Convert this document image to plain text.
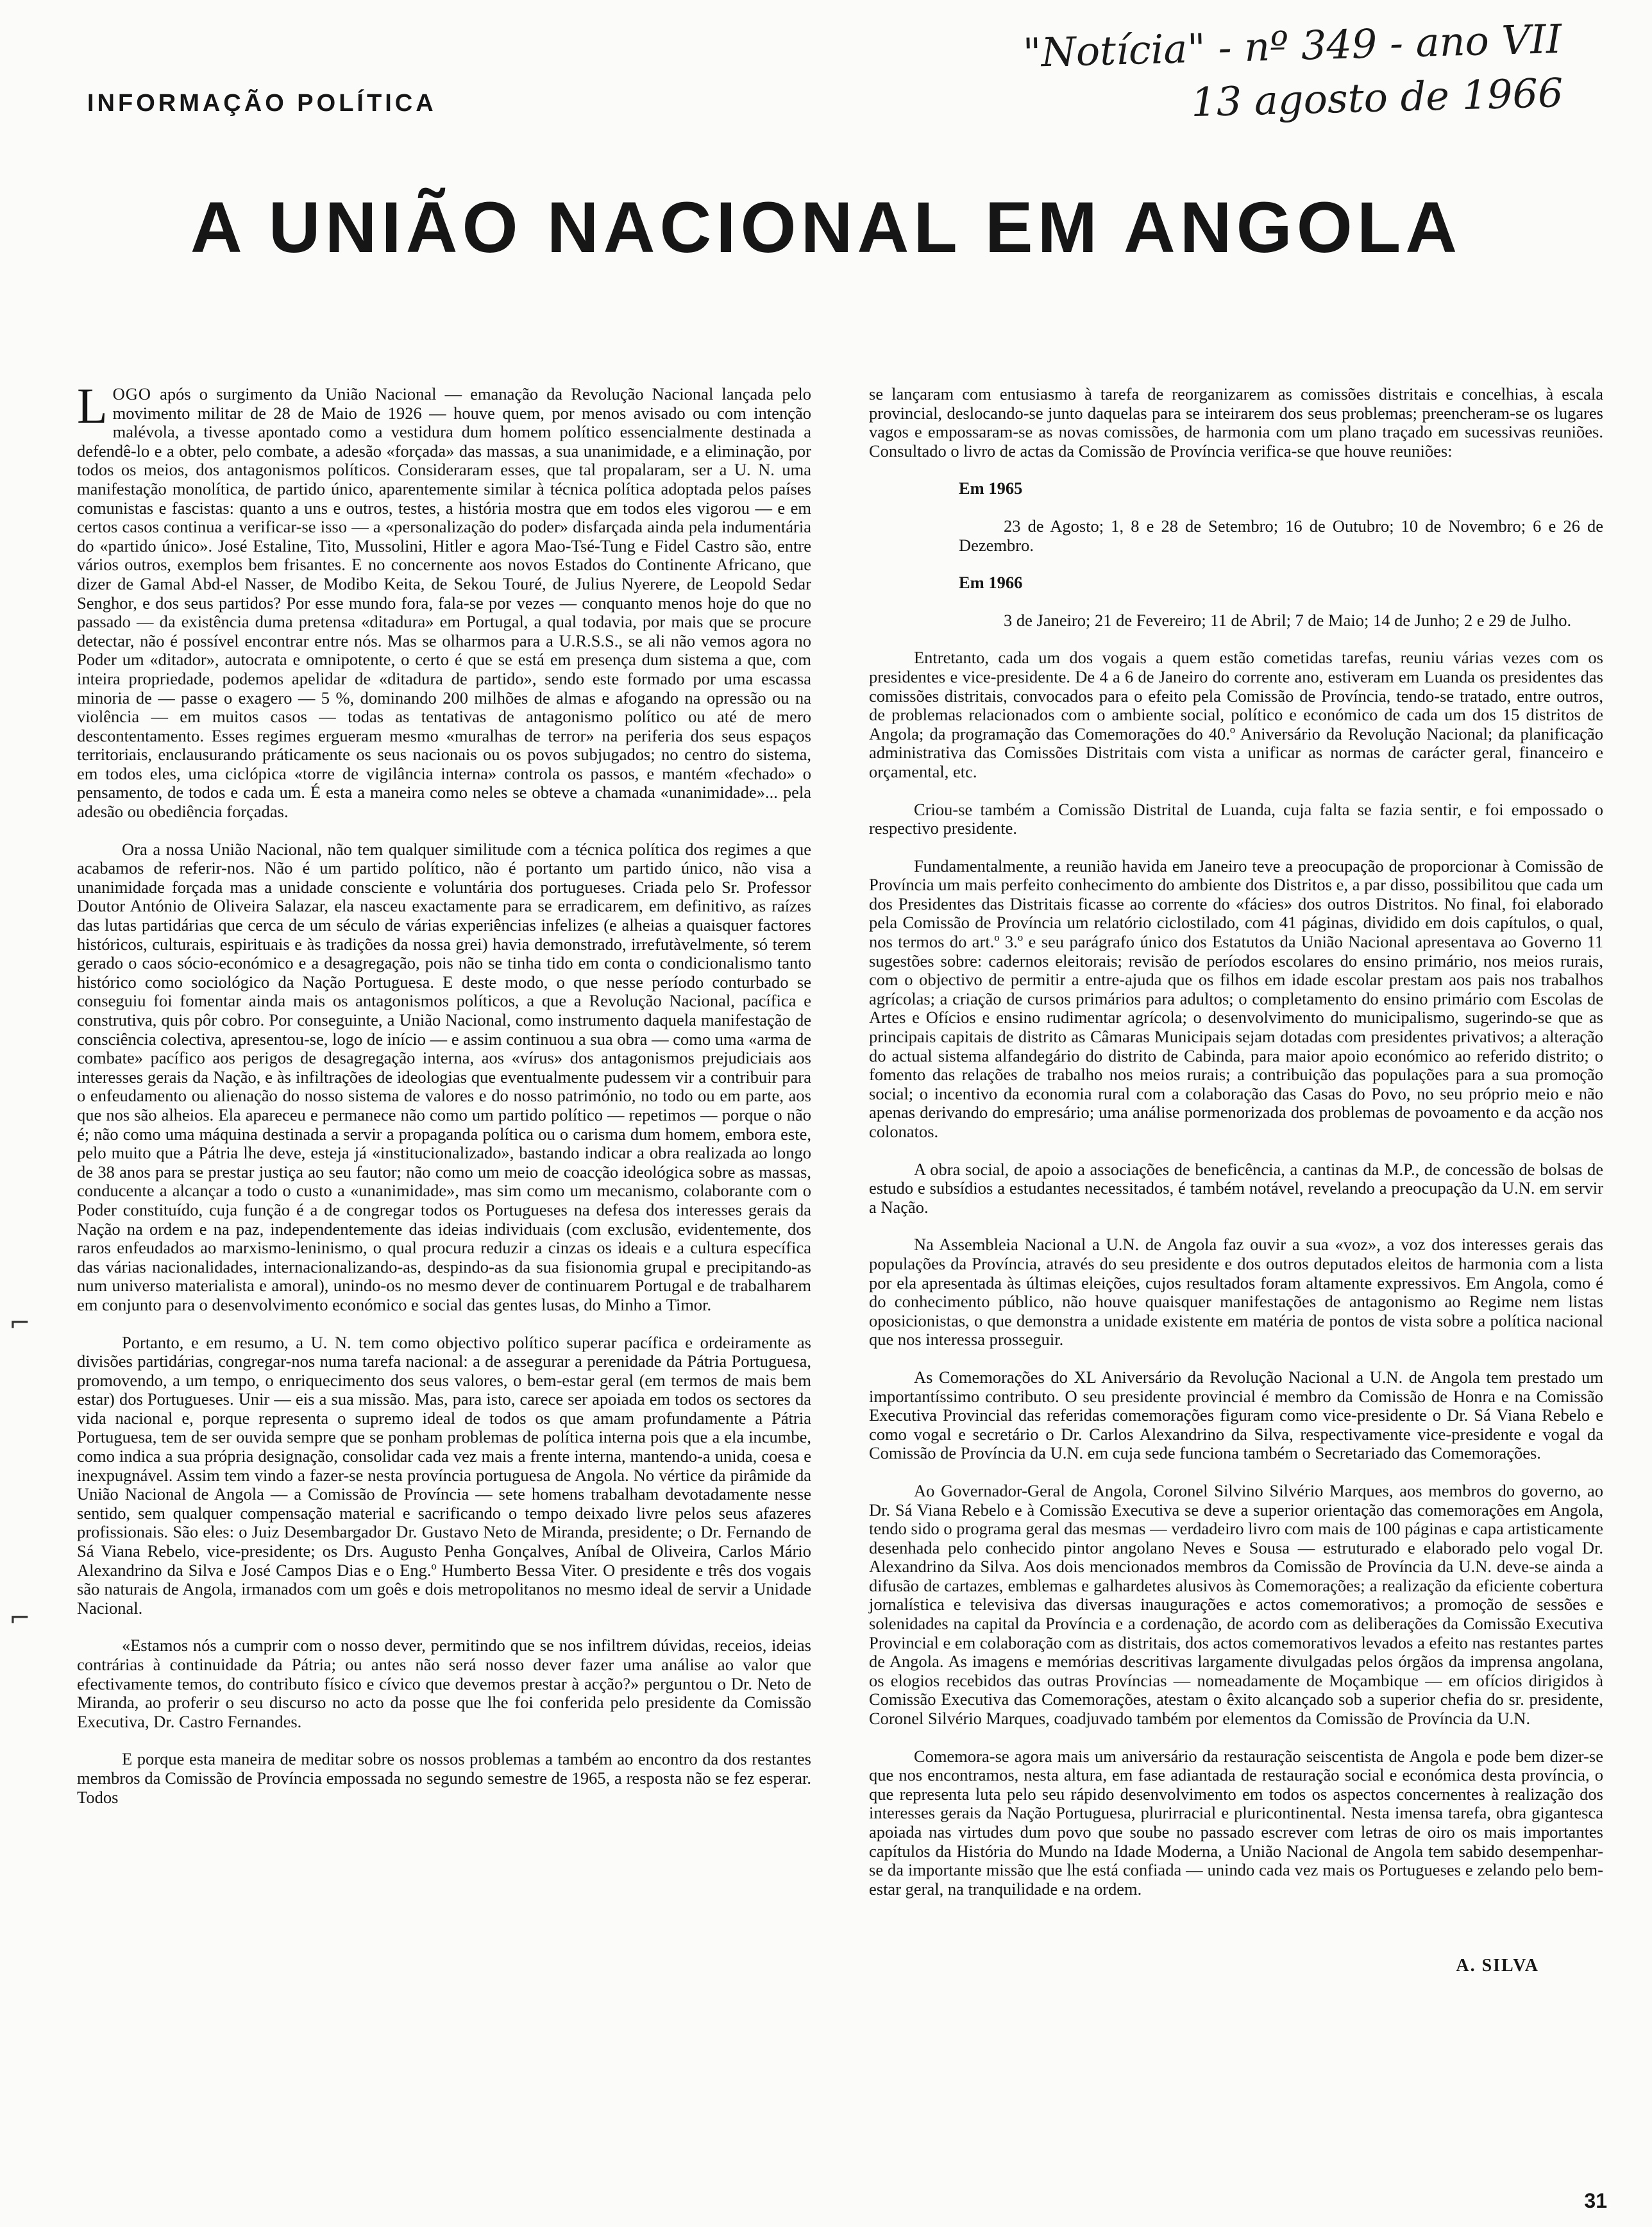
"Notícia" - nº 349 - ano VII
13 agosto de 1966
INFORMAÇÃO POLÍTICA
A UNIÃO NACIONAL EM ANGOLA
⌐
⌐

LOGO após o surgimento da União Nacional — emanação da Revolução Nacional lançada pelo movimento militar de 28 de Maio de 1926 — houve quem, por menos avisado ou com intenção malévola, a tivesse apontado como a vestidura dum homem político essencialmente destinada a defendê-lo e a obter, pelo combate, a adesão «forçada» das massas, a sua unanimidade, e a eliminação, por todos os meios, dos antagonismos políticos. Consideraram esses, que tal propalaram, ser a U. N. uma manifestação monolítica, de partido único, aparentemente similar à técnica política adoptada pelos países comunistas e fascistas: quanto a uns e outros, testes, a história mostra que em todos eles vigorou — e em certos casos continua a verificar-se isso — a «personalização do poder» disfarçada ainda pela indumentária do «partido único». José Estaline, Tito, Mussolini, Hitler e agora Mao-Tsé-Tung e Fidel Castro são, entre vários outros, exemplos bem frisantes. E no concernente aos novos Estados do Continente Africano, que dizer de Gamal Abd-el Nasser, de Modibo Keita, de Sekou Touré, de Julius Nyerere, de Leopold Sedar Senghor, e dos seus partidos? Por esse mundo fora, fala-se por vezes — conquanto menos hoje do que no passado — da existência duma pretensa «ditadura» em Portugal, a qual todavia, por mais que se procure detectar, não é possível encontrar entre nós. Mas se olharmos para a U.R.S.S., se ali não vemos agora no Poder um «ditador», autocrata e omnipotente, o certo é que se está em presença dum sistema a que, com inteira propriedade, podemos apelidar de «ditadura de partido», sendo este formado por uma escassa minoria de — passe o exagero — 5 %, dominando 200 milhões de almas e afogando na opressão ou na violência — em muitos casos — todas as tentativas de antagonismo político ou até de mero descontentamento. Esses regimes ergueram mesmo «muralhas de terror» na periferia dos seus espaços territoriais, enclausurando práticamente os seus nacionais ou os povos subjugados; no centro do sistema, em todos eles, uma ciclópica «torre de vigilância interna» controla os passos, e mantém «fechado» o pensamento, de todos e cada um. É esta a maneira como neles se obteve a chamada «unanimidade»... pela adesão ou obediência forçadas.

Ora a nossa União Nacional, não tem qualquer similitude com a técnica política dos regimes a que acabamos de referir-nos. Não é um partido político, não é portanto um partido único, não visa a unanimidade forçada mas a unidade consciente e voluntária dos portugueses. Criada pelo Sr. Professor Doutor António de Oliveira Salazar, ela nasceu exactamente para se erradicarem, em definitivo, as raízes das lutas partidárias que cerca de um século de várias experiências infelizes (e alheias a quaisquer factores históricos, culturais, espirituais e às tradições da nossa grei) havia demonstrado, irrefutàvelmente, só terem gerado o caos sócio-económico e a desagregação, pois não se tinha tido em conta o condicionalismo tanto histórico como sociológico da Nação Portuguesa. E deste modo, o que nesse período conturbado se conseguiu foi fomentar ainda mais os antagonismos políticos, a que a Revolução Nacional, pacífica e construtiva, quis pôr cobro. Por conseguinte, a União Nacional, como instrumento daquela manifestação de consciência colectiva, apresentou-se, logo de início — e assim continuou a sua obra — como uma «arma de combate» pacífico aos perigos de desagregação interna, aos «vírus» dos antagonismos prejudiciais aos interesses gerais da Nação, e às infiltrações de ideologias que eventualmente pudessem vir a contribuir para o enfeudamento ou alienação do nosso sistema de valores e do nosso património, no todo ou em parte, aos que nos são alheios. Ela apareceu e permanece não como um partido político — repetimos — porque o não é; não como uma máquina destinada a servir a propaganda política ou o carisma dum homem, embora este, pelo muito que a Pátria lhe deve, esteja já «institucionalizado», bastando indicar a obra realizada ao longo de 38 anos para se prestar justiça ao seu fautor; não como um meio de coacção ideológica sobre as massas, conducente a alcançar a todo o custo a «unanimidade», mas sim como um mecanismo, colaborante com o Poder constituído, cuja função é a de congregar todos os Portugueses na defesa dos interesses gerais da Nação na ordem e na paz, independentemente das ideias individuais (com exclusão, evidentemente, dos raros enfeudados ao marxismo-leninismo, o qual procura reduzir a cinzas os ideais e a cultura específica das várias nacionalidades, internacionalizando-as, despindo-as da sua fisionomia grupal e precipitando-as num universo materialista e amoral), unindo-os no mesmo dever de continuarem Portugal e de trabalharem em conjunto para o desenvolvimento económico e social das gentes lusas, do Minho a Timor.

Portanto, e em resumo, a U. N. tem como objectivo político superar pacífica e ordeiramente as divisões partidárias, congregar-nos numa tarefa nacional: a de assegurar a perenidade da Pátria Portuguesa, promovendo, a um tempo, o enriquecimento dos seus valores, o bem-estar geral (em termos de mais bem estar) dos Portugueses. Unir — eis a sua missão. Mas, para isto, carece ser apoiada em todos os sectores da vida nacional e, porque representa o supremo ideal de todos os que amam profundamente a Pátria Portuguesa, tem de ser ouvida sempre que se ponham problemas de política interna pois que a ela incumbe, como indica a sua própria designação, consolidar cada vez mais a frente interna, mantendo-a unida, coesa e inexpugnável. Assim tem vindo a fazer-se nesta província portuguesa de Angola. No vértice da pirâmide da União Nacional de Angola — a Comissão de Província — sete homens trabalham devotadamente nesse sentido, sem qualquer compensação material e sacrificando o tempo deixado livre pelos seus afazeres profissionais. São eles: o Juiz Desembargador Dr. Gustavo Neto de Miranda, presidente; o Dr. Fernando de Sá Viana Rebelo, vice-presidente; os Drs. Augusto Penha Gonçalves, Aníbal de Oliveira, Carlos Mário Alexandrino da Silva e José Campos Dias e o Eng.º Humberto Bessa Viter. O presidente e três dos vogais são naturais de Angola, irmanados com um goês e dois metropolitanos no mesmo ideal de servir a Unidade Nacional.

«Estamos nós a cumprir com o nosso dever, permitindo que se nos infiltrem dúvidas, receios, ideias contrárias à continuidade da Pátria; ou antes não será nosso dever fazer uma análise ao valor que efectivamente temos, do contributo físico e cívico que devemos prestar à acção?» perguntou o Dr. Neto de Miranda, ao proferir o seu discurso no acto da posse que lhe foi conferida pelo presidente da Comissão Executiva, Dr. Castro Fernandes.

E porque esta maneira de meditar sobre os nossos problemas a também ao encontro da dos restantes membros da Comissão de Província empossada no segundo semestre de 1965, a resposta não se fez esperar. Todos

se lançaram com entusiasmo à tarefa de reorganizarem as comissões distritais e concelhias, à escala provincial, deslocando-se junto daquelas para se inteirarem dos seus problemas; preencheram-se os lugares vagos e empossaram-se as novas comissões, de harmonia com um plano traçado em sucessivas reuniões. Consultado o livro de actas da Comissão de Província verifica-se que houve reuniões:

Em 1965

23 de Agosto; 1, 8 e 28 de Setembro; 16 de Outubro; 10 de Novembro; 6 e 26 de Dezembro.

Em 1966

3 de Janeiro; 21 de Fevereiro; 11 de Abril; 7 de Maio; 14 de Junho; 2 e 29 de Julho.

Entretanto, cada um dos vogais a quem estão cometidas tarefas, reuniu várias vezes com os presidentes e vice-presidente. De 4 a 6 de Janeiro do corrente ano, estiveram em Luanda os presidentes das comissões distritais, convocados para o efeito pela Comissão de Província, tendo-se tratado, entre outros, de problemas relacionados com o ambiente social, político e económico de cada um dos 15 distritos de Angola; da programação das Comemorações do 40.º Aniversário da Revolução Nacional; da planificação administrativa das Comissões Distritais com vista a unificar as normas de carácter geral, financeiro e orçamental, etc.

Criou-se também a Comissão Distrital de Luanda, cuja falta se fazia sentir, e foi empossado o respectivo presidente.

Fundamentalmente, a reunião havida em Janeiro teve a preocupação de proporcionar à Comissão de Província um mais perfeito conhecimento do ambiente dos Distritos e, a par disso, possibilitou que cada um dos Presidentes das Distritais ficasse ao corrente do «fácies» dos outros Distritos. No final, foi elaborado pela Comissão de Província um relatório ciclostilado, com 41 páginas, dividido em dois capítulos, o qual, nos termos do art.º 3.º e seu parágrafo único dos Estatutos da União Nacional apresentava ao Governo 11 sugestões sobre: cadernos eleitorais; revisão de períodos escolares do ensino primário, nos meios rurais, com o objectivo de permitir a entre-ajuda que os filhos em idade escolar prestam aos pais nos trabalhos agrícolas; a criação de cursos primários para adultos; o completamento do ensino primário com Escolas de Artes e Ofícios e ensino rudimentar agrícola; o desenvolvimento do municipalismo, sugerindo-se que as principais capitais de distrito as Câmaras Municipais sejam dotadas com presidentes privativos; a alteração do actual sistema alfandegário do distrito de Cabinda, para maior apoio económico ao referido distrito; o fomento das relações de trabalho nos meios rurais; a contribuição das populações para a sua promoção social; o incentivo da economia rural com a colaboração das Casas do Povo, no seu próprio meio e não apenas derivando do empresário; uma análise pormenorizada dos problemas de povoamento e da acção nos colonatos.

A obra social, de apoio a associações de beneficência, a cantinas da M.P., de concessão de bolsas de estudo e subsídios a estudantes necessitados, é também notável, revelando a preocupação da U.N. em servir a Nação.

Na Assembleia Nacional a U.N. de Angola faz ouvir a sua «voz», a voz dos interesses gerais das populações da Província, através do seu presidente e dos outros deputados eleitos de harmonia com a lista por ela apresentada às últimas eleições, cujos resultados foram altamente expressivos. Em Angola, como é do conhecimento público, não houve quaisquer manifestações de antagonismo ao Regime nem listas oposicionistas, o que demonstra a unidade existente em matéria de pontos de vista sobre a política nacional que nos interessa prosseguir.

As Comemorações do XL Aniversário da Revolução Nacional a U.N. de Angola tem prestado um importantíssimo contributo. O seu presidente provincial é membro da Comissão de Honra e na Comissão Executiva Provincial das referidas comemorações figuram como vice-presidente o Dr. Sá Viana Rebelo e como vogal e secretário o Dr. Carlos Alexandrino da Silva, respectivamente vice-presidente e vogal da Comissão de Província da U.N. em cuja sede funciona também o Secretariado das Comemorações.

Ao Governador-Geral de Angola, Coronel Silvino Silvério Marques, aos membros do governo, ao Dr. Sá Viana Rebelo e à Comissão Executiva se deve a superior orientação das comemorações em Angola, tendo sido o programa geral das mesmas — verdadeiro livro com mais de 100 páginas e capa artisticamente desenhada pelo conhecido pintor angolano Neves e Sousa — estruturado e elaborado pelo vogal Dr. Alexandrino da Silva. Aos dois mencionados membros da Comissão de Província da U.N. deve-se ainda a difusão de cartazes, emblemas e galhardetes alusivos às Comemorações; a realização da eficiente cobertura jornalística e televisiva das diversas inaugurações e actos comemorativos; a promoção de sessões e solenidades na capital da Província e a cordenação, de acordo com as deliberações da Comissão Executiva Provincial e em colaboração com as distritais, dos actos comemorativos levados a efeito nas restantes partes de Angola. As imagens e memórias descritivas largamente divulgadas pelos órgãos da imprensa angolana, os elogios recebidos das outras Províncias — nomeadamente de Moçambique — em ofícios dirigidos à Comissão Executiva das Comemorações, atestam o êxito alcançado sob a superior chefia do sr. presidente, Coronel Silvério Marques, coadjuvado também por elementos da Comissão de Província da U.N.

Comemora-se agora mais um aniversário da restauração seiscentista de Angola e pode bem dizer-se que nos encontramos, nesta altura, em fase adiantada de restauração social e económica desta província, o que representa luta pelo seu rápido desenvolvimento em todos os aspectos concernentes à realização dos interesses gerais da Nação Portuguesa, plurirracial e pluricontinental. Nesta imensa tarefa, obra gigantesca apoiada nas virtudes dum povo que soube no passado escrever com letras de oiro os mais importantes capítulos da História do Mundo na Idade Moderna, a União Nacional de Angola tem sabido desempenhar-se da importante missão que lhe está confiada — unindo cada vez mais os Portugueses e zelando pelo bem-estar geral, na tranquilidade e na ordem.

A. SILVA
31
